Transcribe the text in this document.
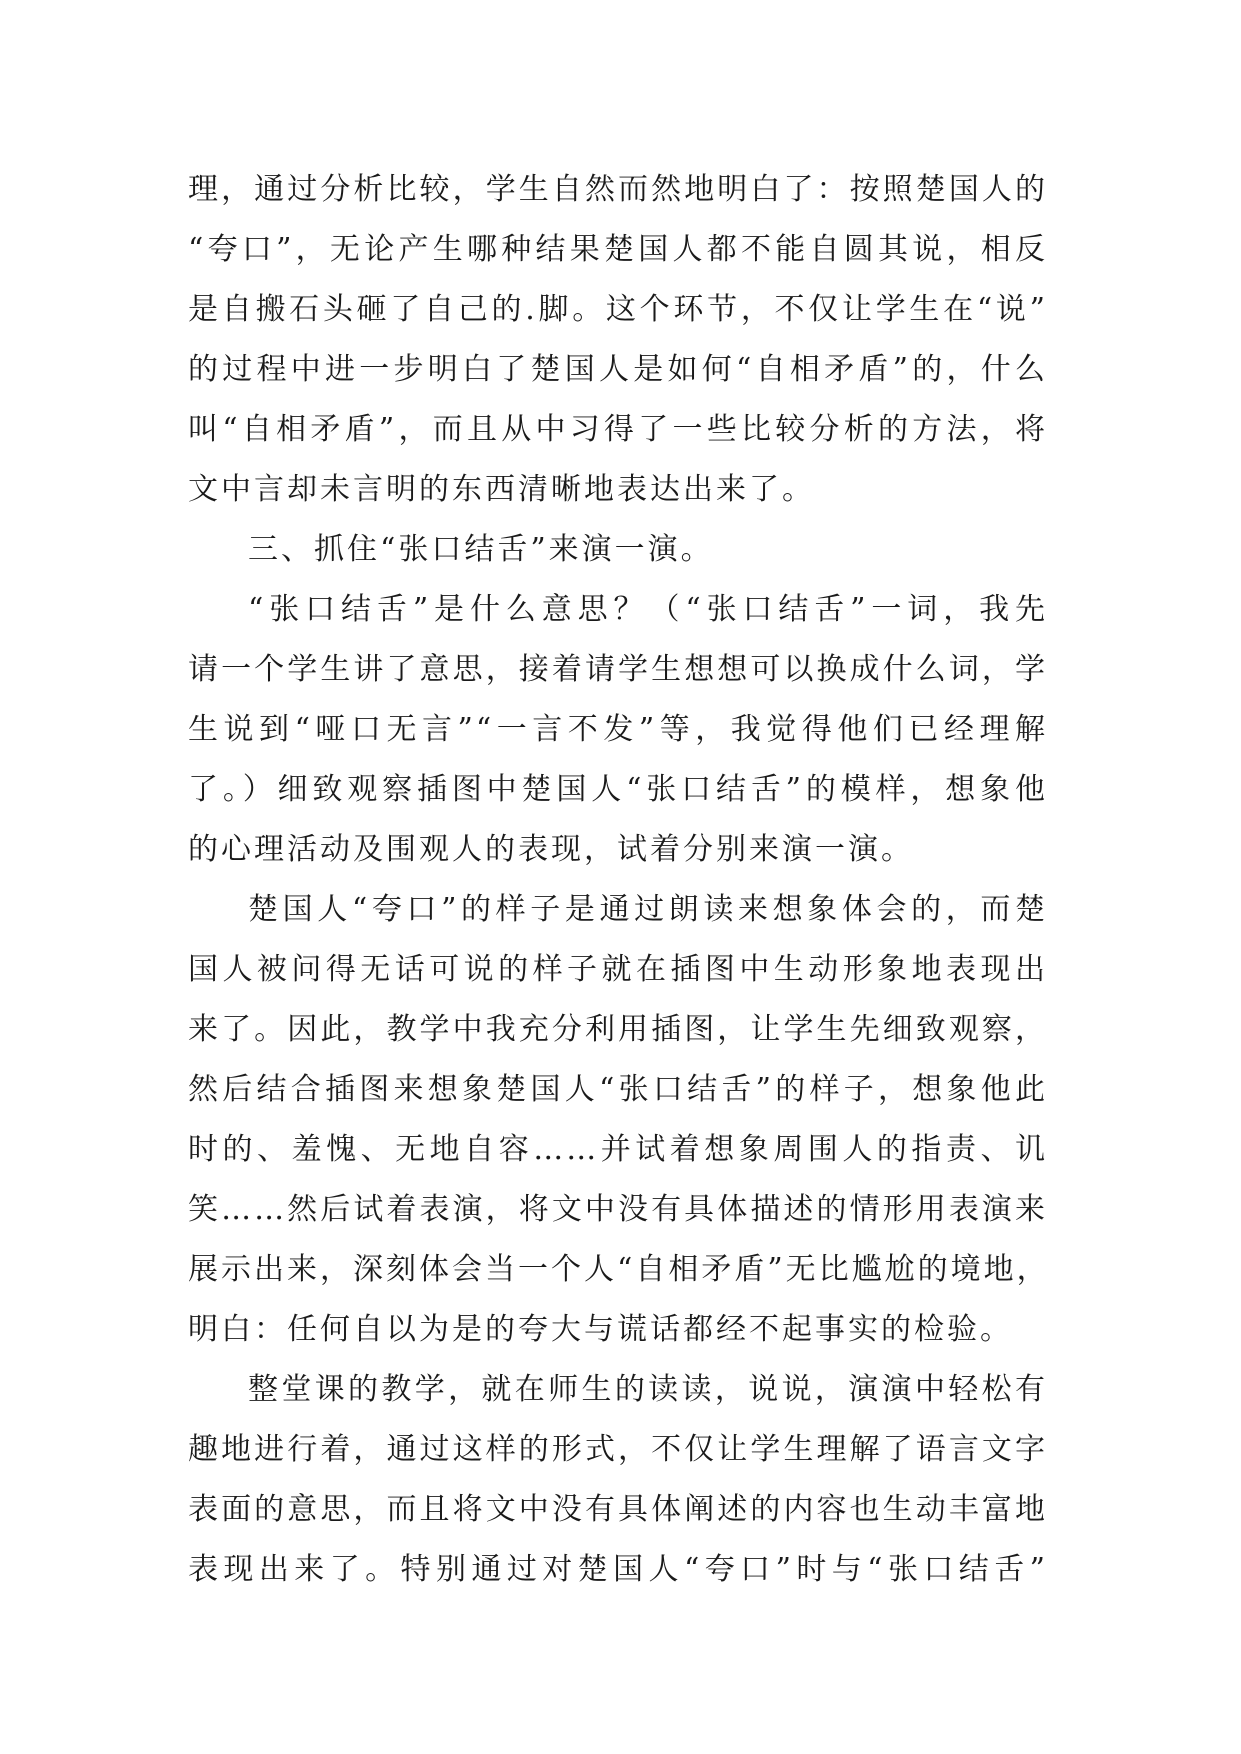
理，通过分析比较，学生自然而然地明白了：按照楚国人的
“夸口”，无论产生哪种结果楚国人都不能自圆其说，相反
是自搬石头砸了自己的.脚。这个环节，不仅让学生在“说”
的过程中进一步明白了楚国人是如何“自相矛盾”的，什么
叫“自相矛盾”，而且从中习得了一些比较分析的方法，将
文中言却未言明的东西清晰地表达出来了。
三、抓住“张口结舌”来演一演。
“张口结舌”是什么意思？（“张口结舌”一词，我先
请一个学生讲了意思，接着请学生想想可以换成什么词，学
生说到“哑口无言”“一言不发”等，我觉得他们已经理解
了。）细致观察插图中楚国人“张口结舌”的模样，想象他
的心理活动及围观人的表现，试着分别来演一演。
楚国人“夸口”的样子是通过朗读来想象体会的，而楚
国人被问得无话可说的样子就在插图中生动形象地表现出
来了。因此，教学中我充分利用插图，让学生先细致观察，
然后结合插图来想象楚国人“张口结舌”的样子，想象他此
时的、羞愧、无地自容……并试着想象周围人的指责、讥
笑……然后试着表演，将文中没有具体描述的情形用表演来
展示出来，深刻体会当一个人“自相矛盾”无比尴尬的境地，
明白：任何自以为是的夸大与谎话都经不起事实的检验。
整堂课的教学，就在师生的读读，说说，演演中轻松有
趣地进行着，通过这样的形式，不仅让学生理解了语言文字
表面的意思，而且将文中没有具体阐述的内容也生动丰富地
表现出来了。特别通过对楚国人“夸口”时与“张口结舌”
